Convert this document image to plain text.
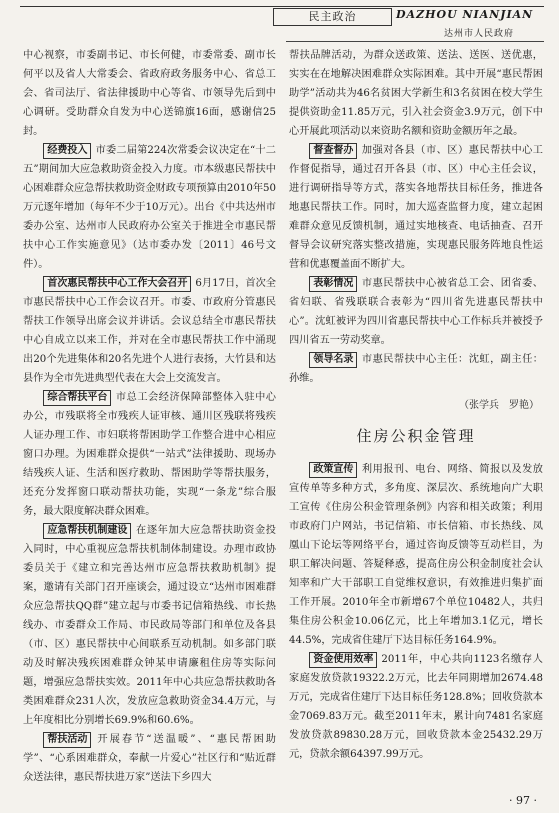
民主政治	DAZHOU NIANJIAN
达州市人民政府

中心视察，市委副书记、市长何健，市委常委、副市长何平以及省人大常委会、省政府政务服务中心、省总工会、省司法厅、省法律援助中心等省、市领导先后到中心调研。受助群众自发为中心送锦旗16面，感谢信25封。

经费投入 市委二届第224次常委会议决定在“十二五”期间加大应急救助资金投入力度。市本级惠民帮扶中心困难群众应急帮扶救助资金财政专项预算由2010年50万元逐年增加（每年不少于10万元）。出台《中共达州市委办公室、达州市人民政府办公室关于推进全市惠民帮扶中心工作实施意见》（达市委办发〔2011〕46号文件）。

首次惠民帮扶中心工作大会召开 6月17日，首次全市惠民帮扶中心工作会议召开。市委、市政府分管惠民帮扶工作领导出席会议并讲话。会议总结全市惠民帮扶中心自成立以来工作，并对在全市惠民帮扶工作中涌现出20个先进集体和20名先进个人进行表扬，大竹县和达县作为全市先进典型代表在大会上交流发言。

综合帮扶平台 市总工会经济保障部整体入驻中心办公，市残联将全市残疾人证审核、通川区残联将残疾人证办理工作、市妇联将帮困助学工作整合进中心相应窗口办理。为困难群众提供“一站式”法律援助、现场办结残疾人证、生活和医疗救助、帮困助学等帮扶服务，还充分发挥窗口联动帮扶功能，实现“一条龙”综合服务，最大限度解决群众困难。

应急帮扶机制建设 在逐年加大应急帮扶助资金投入同时，中心重视应急帮扶机制体制建设。办理市政协委员关于《建立和完善达州市应急帮扶救助机制》提案，邀请有关部门召开座谈会，通过设立“达州市困难群众应急帮扶QQ群”建立起与市委书记信箱热线、市长热线办、市委群众工作局、市民政局等部门和单位及各县（市、区）惠民帮扶中心间联系互动机制。如多部门联动及时解决残疾困难群众钟某申请廉租住房等实际问题，增强应急帮扶实效。2011年中心共应急帮扶救助各类困难群众231人次，发放应急救助资金34.4万元，与上年度相比分别增长69.9%和60.6%。

帮扶活动 开展春节“送温暖”、“惠民帮困助学”、“心系困难群众，奉献一片爱心”社区行和“贴近群众送法律，惠民帮扶进万家”送法下乡四大

帮扶品牌活动，为群众送政策、送法、送医、送优惠，实实在在地解决困难群众实际困难。其中开展“惠民帮困助学”活动共为46名贫困大学新生和3名贫困在校大学生提供资助金11.85万元，引入社会资金3.9万元，创下中心开展此项活动以来资助名额和资助金额历年之最。

督查督办 加强对各县（市、区）惠民帮扶中心工作督促指导，通过召开各县（市、区）中心主任会议，进行调研指导等方式，落实各地帮扶目标任务，推进各地惠民帮扶工作。同时，加大巡查监督力度，建立起困难群众意见反馈机制，通过实地核查、电话抽查、召开督导会议研究落实整改措施，实现惠民服务阵地良性运营和优惠覆盖面不断扩大。

表彰情况 市惠民帮扶中心被省总工会、团省委、省妇联、省残联联合表彰为“四川省先进惠民帮扶中心”。沈虹被评为四川省惠民帮扶中心工作标兵并被授予四川省五一劳动奖章。

领导名录 市惠民帮扶中心主任：沈虹，副主任：孙维。

（张学兵　罗艳）
住房公积金管理

政策宣传 利用报刊、电台、网络、简报以及发放宣传单等多种方式，多角度、深层次、系统地向广大职工宣传《住房公积金管理条例》内容和相关政策；利用市政府门户网站，书记信箱、市长信箱、市长热线、凤凰山下论坛等网络平台，通过咨询反馈等互动栏目，为职工解决问题、答疑释惑，提高住房公积金制度社会认知率和广大干部职工自觉维权意识，有效推进归集扩面工作开展。2010年全市新增67个单位10482人，共归集住房公积金10.06亿元，比上年增加3.1亿元，增长44.5%，完成省住建厅下达目标任务164.9%。

资金使用效率 2011年，中心共向1123名缴存人家庭发放贷款19322.2万元，比去年同期增加2674.48万元，完成省住建厅下达目标任务128.8%；回收贷款本金7069.83万元。截至2011年末，累计向7481名家庭发放贷款89830.28万元，回收贷款本金25432.29万元，贷款余额64397.99万元。

· 97 ·
